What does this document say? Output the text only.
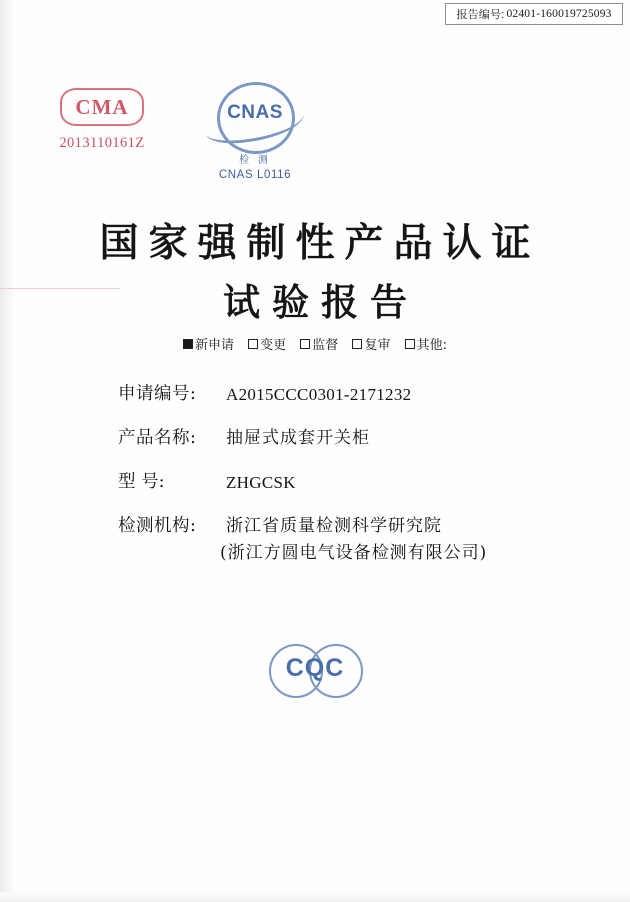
报告编号: 02401-160019725093
CMA
2013110161Z
CNAS
检 测
CNAS L0116
国家强制性产品认证
试验报告
新申请 变更 监督 复审 其他:
申请编号:	A2015CCC0301-2171232
产品名称:	抽屉式成套开关柜
型 号:	ZHGCSK
检测机构:	浙江省质量检测科学研究院
(浙江方圆电气设备检测有限公司)
CQC
